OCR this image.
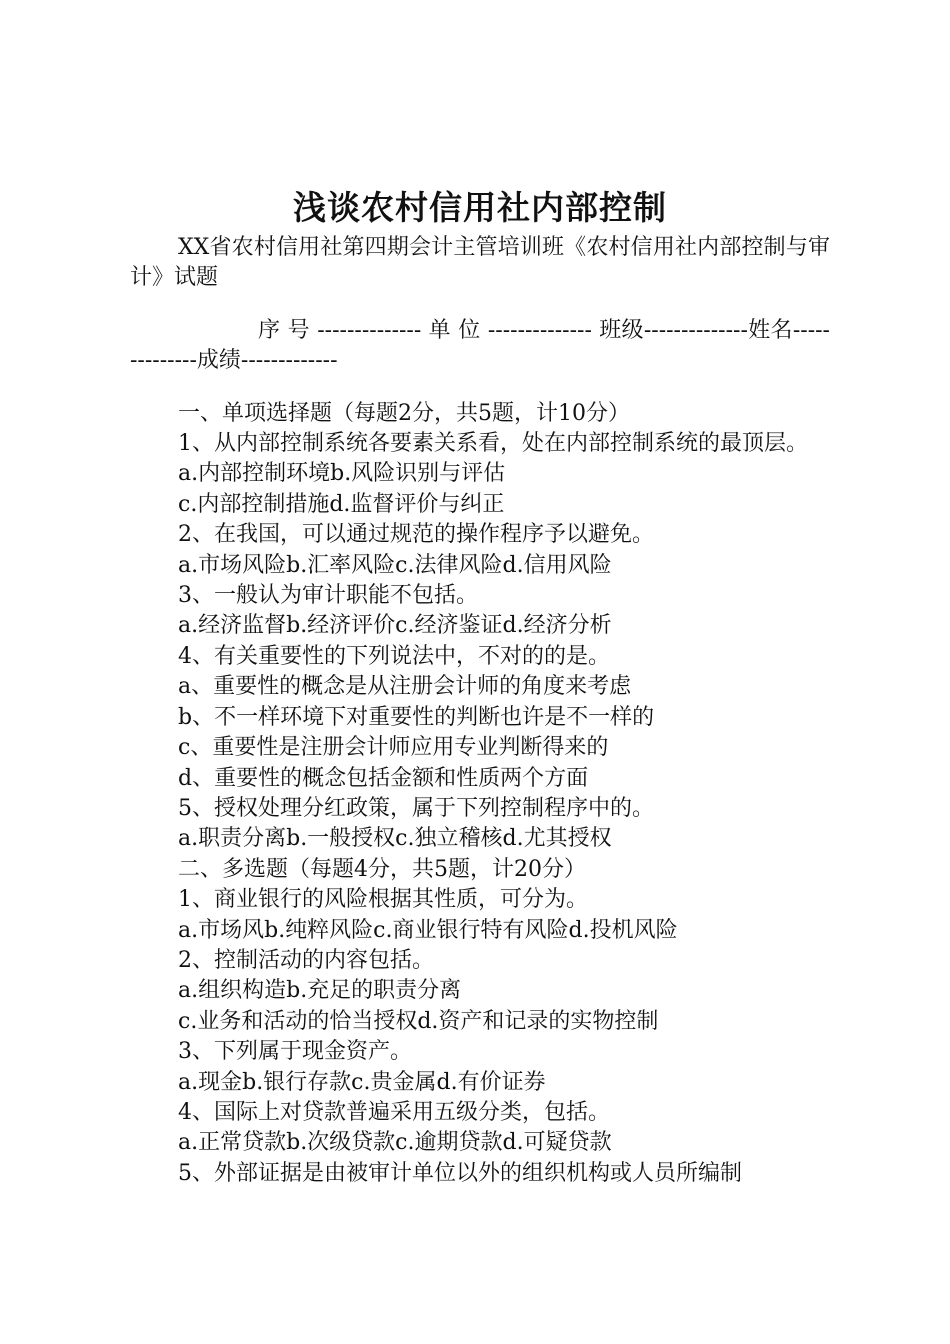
浅谈农村信用社内部控制

XX省农村信用社第四期会计主管培训班《农村信用社内部控制与审计》试题

序 号 -------------- 单 位 -------------- 班级--------------姓名--------------成绩-------------

一、单项选择题（每题2分，共5题，计10分）

1、从内部控制系统各要素关系看，处在内部控制系统的最顶层。

a.内部控制环境b.风险识别与评估

c.内部控制措施d.监督评价与纠正

2、在我国，可以通过规范的操作程序予以避免。

a.市场风险b.汇率风险c.法律风险d.信用风险

3、一般认为审计职能不包括。

a.经济监督b.经济评价c.经济鉴证d.经济分析

4、有关重要性的下列说法中，不对的的是。

a、重要性的概念是从注册会计师的角度来考虑

b、不一样环境下对重要性的判断也许是不一样的

c、重要性是注册会计师应用专业判断得来的

d、重要性的概念包括金额和性质两个方面

5、授权处理分红政策，属于下列控制程序中的。

a.职责分离b.一般授权c.独立稽核d.尤其授权

二、多选题（每题4分，共5题，计20分）

1、商业银行的风险根据其性质，可分为。

a.市场风b.纯粹风险c.商业银行特有风险d.投机风险

2、控制活动的内容包括。

a.组织构造b.充足的职责分离

c.业务和活动的恰当授权d.资产和记录的实物控制

3、下列属于现金资产。

a.现金b.银行存款c.贵金属d.有价证券

4、国际上对贷款普遍采用五级分类，包括。

a.正常贷款b.次级贷款c.逾期贷款d.可疑贷款

5、外部证据是由被审计单位以外的组织机构或人员所编制
